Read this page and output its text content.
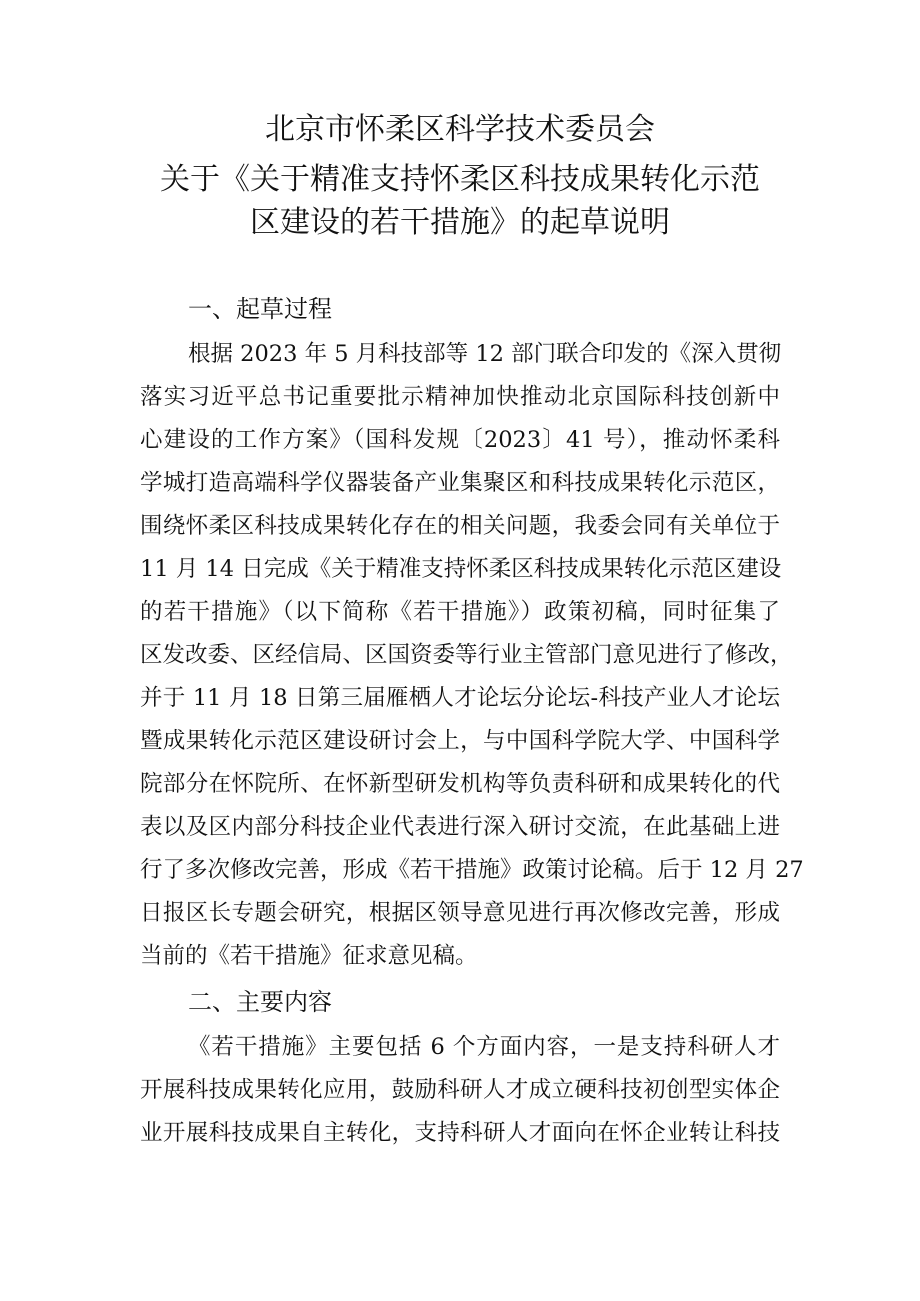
北京市怀柔区科学技术委员会
关于《关于精准支持怀柔区科技成果转化示范
区建设的若干措施》的起草说明
一、起草过程
根据 2023 年 5 月科技部等 12 部门联合印发的《深入贯彻
落实习近平总书记重要批示精神加快推动北京国际科技创新中
心建设的工作方案》（国科发规〔2023〕41 号），推动怀柔科
学城打造高端科学仪器装备产业集聚区和科技成果转化示范区，
围绕怀柔区科技成果转化存在的相关问题，我委会同有关单位于
11 月 14 日完成《关于精准支持怀柔区科技成果转化示范区建设
的若干措施》（以下简称《若干措施》）政策初稿，同时征集了
区发改委、区经信局、区国资委等行业主管部门意见进行了修改，
并于 11 月 18 日第三届雁栖人才论坛分论坛-科技产业人才论坛
暨成果转化示范区建设研讨会上，与中国科学院大学、中国科学
院部分在怀院所、在怀新型研发机构等负责科研和成果转化的代
表以及区内部分科技企业代表进行深入研讨交流，在此基础上进
行了多次修改完善，形成《若干措施》政策讨论稿。后于 12 月 27
日报区长专题会研究，根据区领导意见进行再次修改完善，形成
当前的《若干措施》征求意见稿。
二、主要内容
《若干措施》主要包括 6 个方面内容，一是支持科研人才
开展科技成果转化应用，鼓励科研人才成立硬科技初创型实体企
业开展科技成果自主转化，支持科研人才面向在怀企业转让科技
